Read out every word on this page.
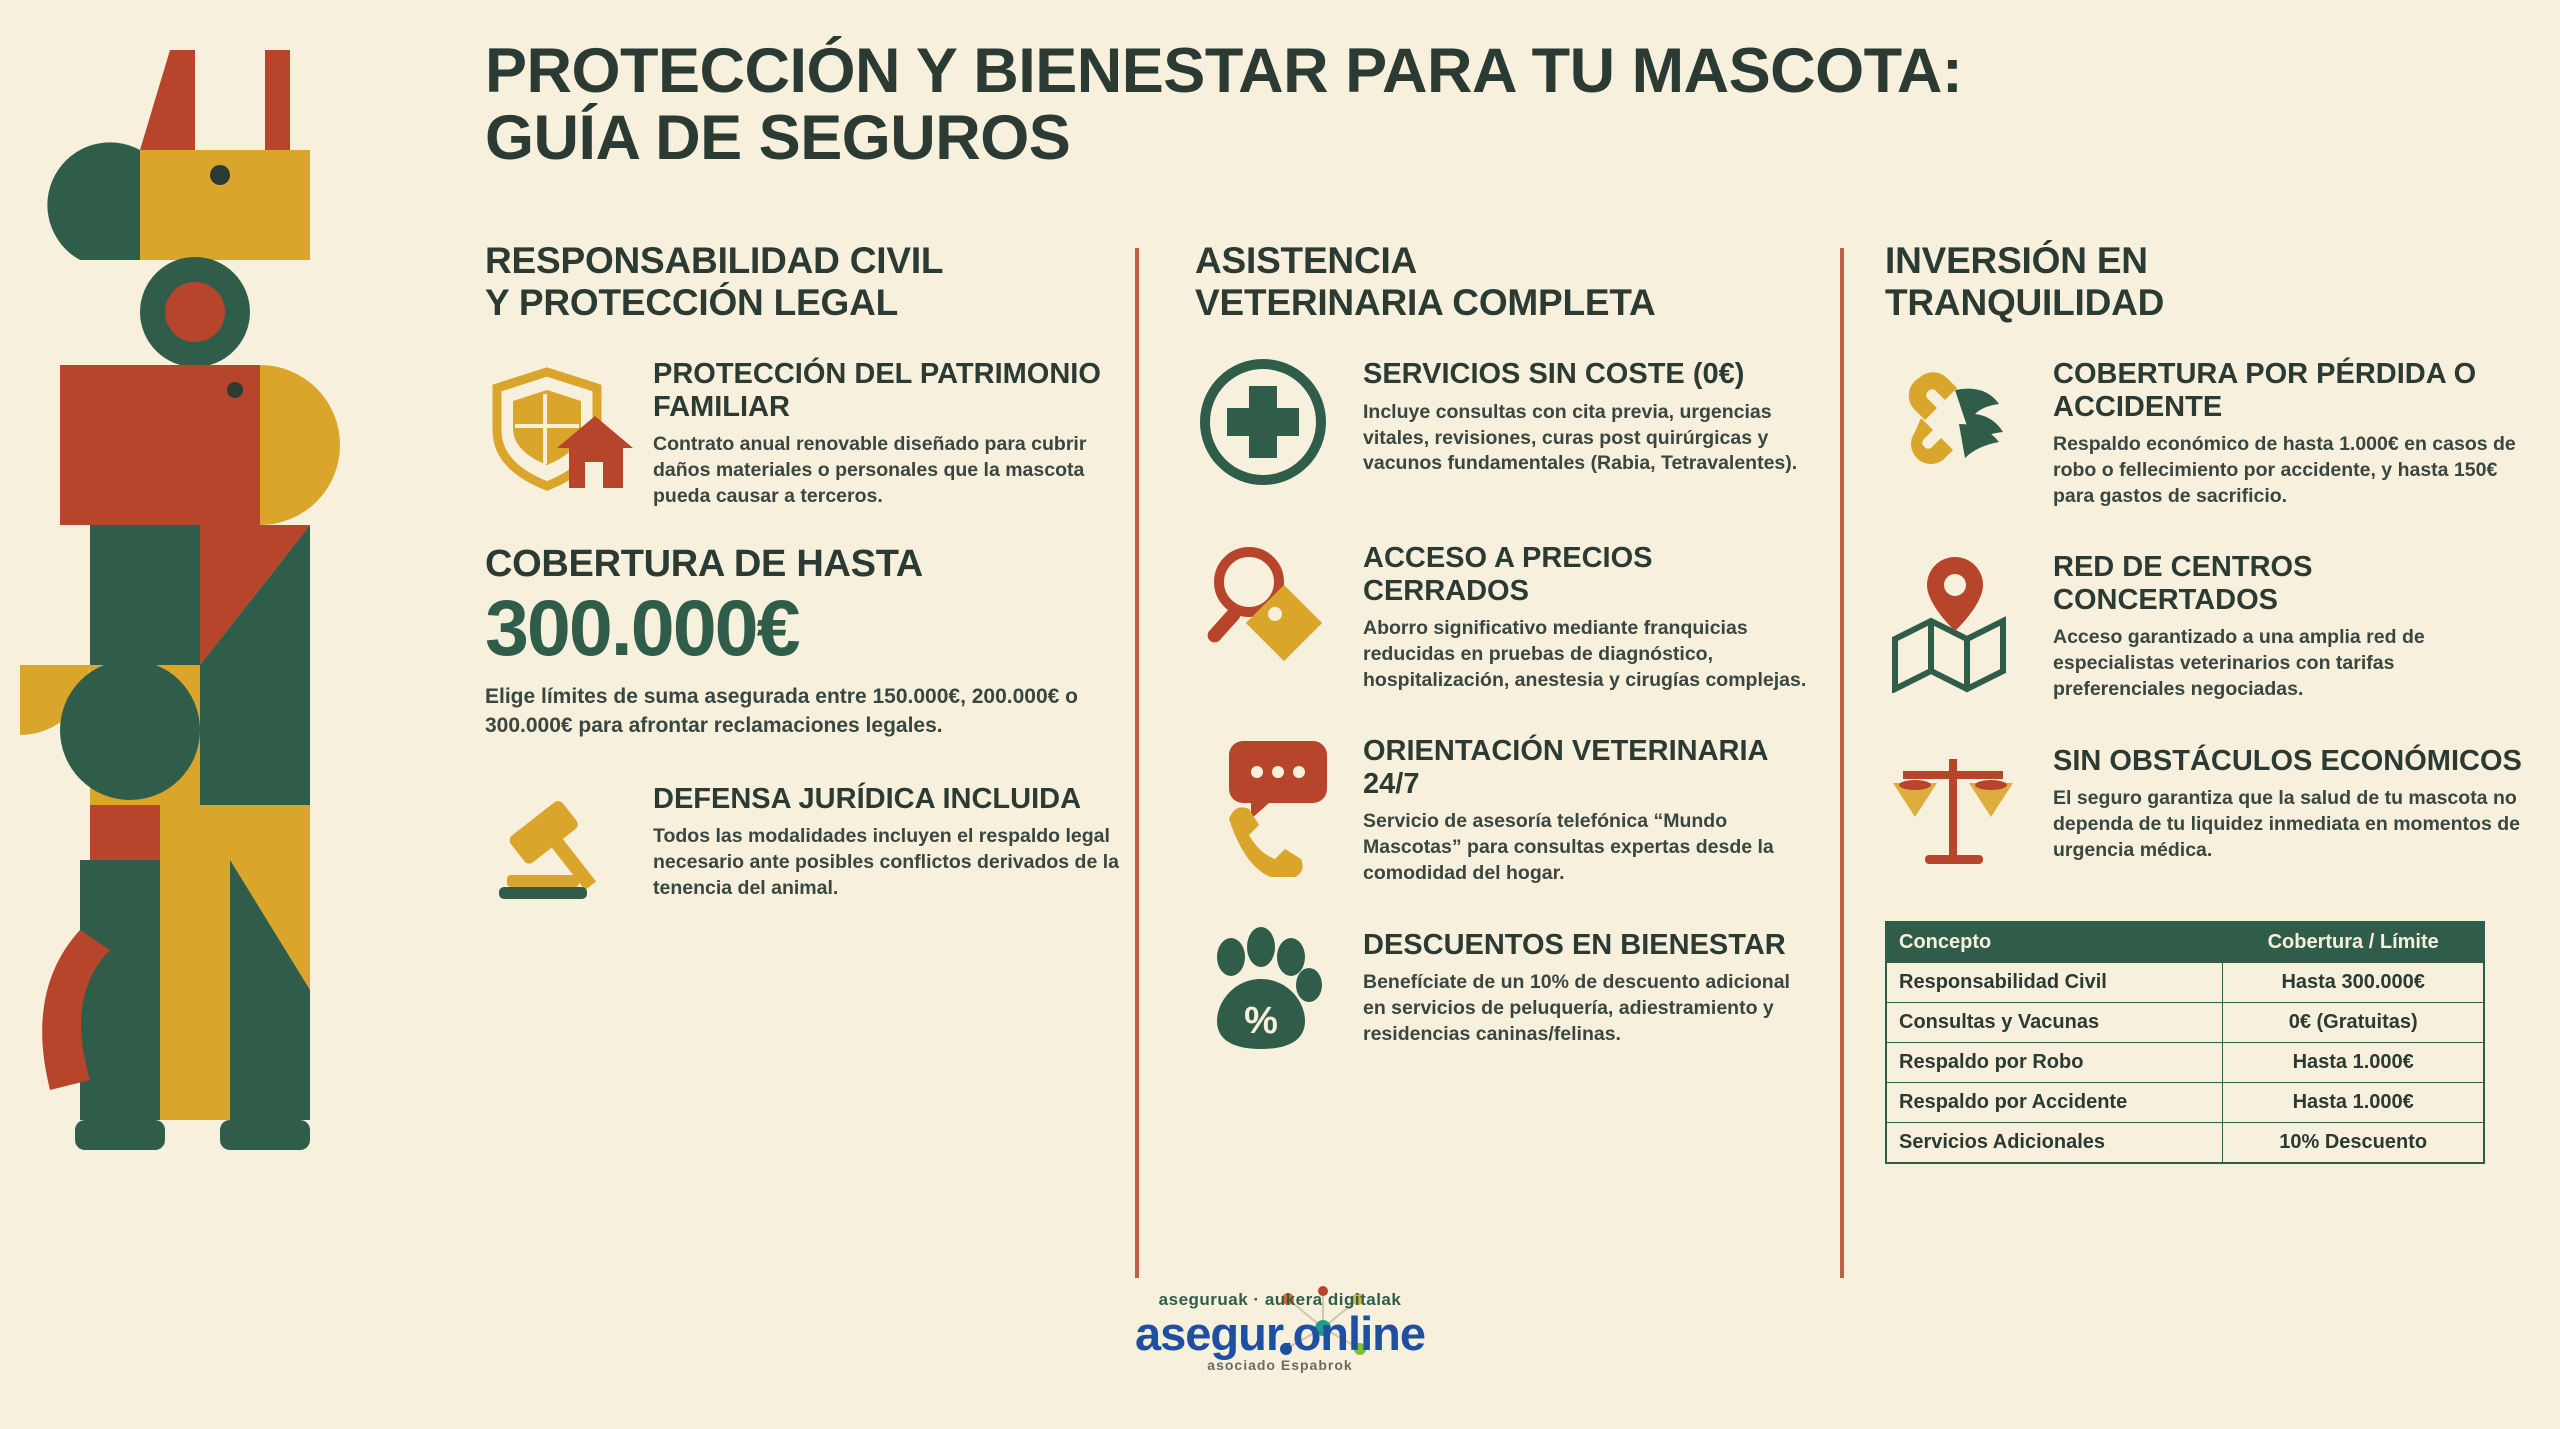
PROTECCIÓN Y BIENESTAR PARA TU MASCOTA:
GUÍA DE SEGUROS
RESPONSABILIDAD CIVIL
Y PROTECCIÓN LEGAL
PROTECCIÓN DEL PATRIMONIO FAMILIAR
Contrato anual renovable diseñado para cubrir daños materiales o personales que la mascota pueda causar a terceros.
COBERTURA DE HASTA
300.000€
Elige límites de suma asegurada entre 150.000€, 200.000€ o 300.000€ para afrontar reclamaciones legales.
DEFENSA JURÍDICA INCLUIDA
Todos las modalidades incluyen el respaldo legal necesario ante posibles conflictos derivados de la tenencia del animal.
ASISTENCIA
VETERINARIA COMPLETA
SERVICIOS SIN COSTE (0€)
Incluye consultas con cita previa, urgencias vitales, revisiones, curas post quirúrgicas y vacunos fundamentales (Rabia, Tetravalentes).
ACCESO A PRECIOS CERRADOS
Aborro significativo mediante franquicias reducidas en pruebas de diagnóstico, hospitalización, anestesia y cirugías complejas.
ORIENTACIÓN VETERINARIA 24/7
Servicio de asesoría telefónica “Mundo Mascotas” para consultas expertas desde la comodidad del hogar.
%
DESCUENTOS EN BIENESTAR
Benefíciate de un 10% de descuento adicional en servicios de peluquería, adiestramiento y residencias caninas/felinas.
INVERSIÓN EN
TRANQUILIDAD
COBERTURA POR PÉRDIDA O ACCIDENTE
Respaldo económico de hasta 1.000€ en casos de robo o fellecimiento por accidente, y hasta 150€ para gastos de sacrificio.
RED DE CENTROS CONCERTADOS
Acceso garantizado a una amplia red de especialistas veterinarios con tarifas preferenciales negociadas.
SIN OBSTÁCULOS ECONÓMICOS
El seguro garantiza que la salud de tu mascota no dependa de tu liquidez inmediata en momentos de urgencia médica.
Concepto	Cobertura / Límite
Responsabilidad Civil	Hasta 300.000€
Consultas y Vacunas	0€ (Gratuitas)
Respaldo por Robo	Hasta 1.000€
Respaldo por Accidente	Hasta 1.000€
Servicios Adicionales	10% Descuento
aseguruak · aukera digitalak
asegur.online
asociado Espabrok
